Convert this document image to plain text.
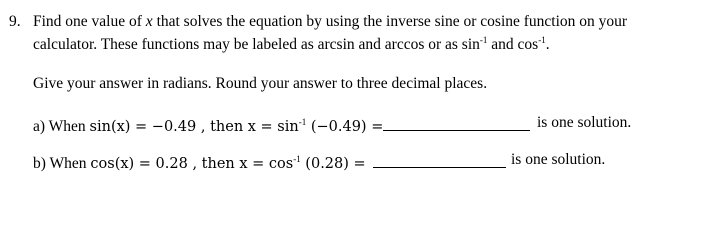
9. Find one value of x that solves the equation by using the inverse sine or cosine function on your
calculator. These functions may be labeled as arcsin and arccos or as $\sin^{-1}$ and $\cos^{-1}$.
Give your answer in radians. Round your answer to three decimal places.
a) When sin(x) = −0.49 , then $x = \sin^{-1} (-0.49)$ =	is one solution.
b) When cos(x) = 0.28 , then $x = \cos^{-1} (0.28)$ =	is one solution.
